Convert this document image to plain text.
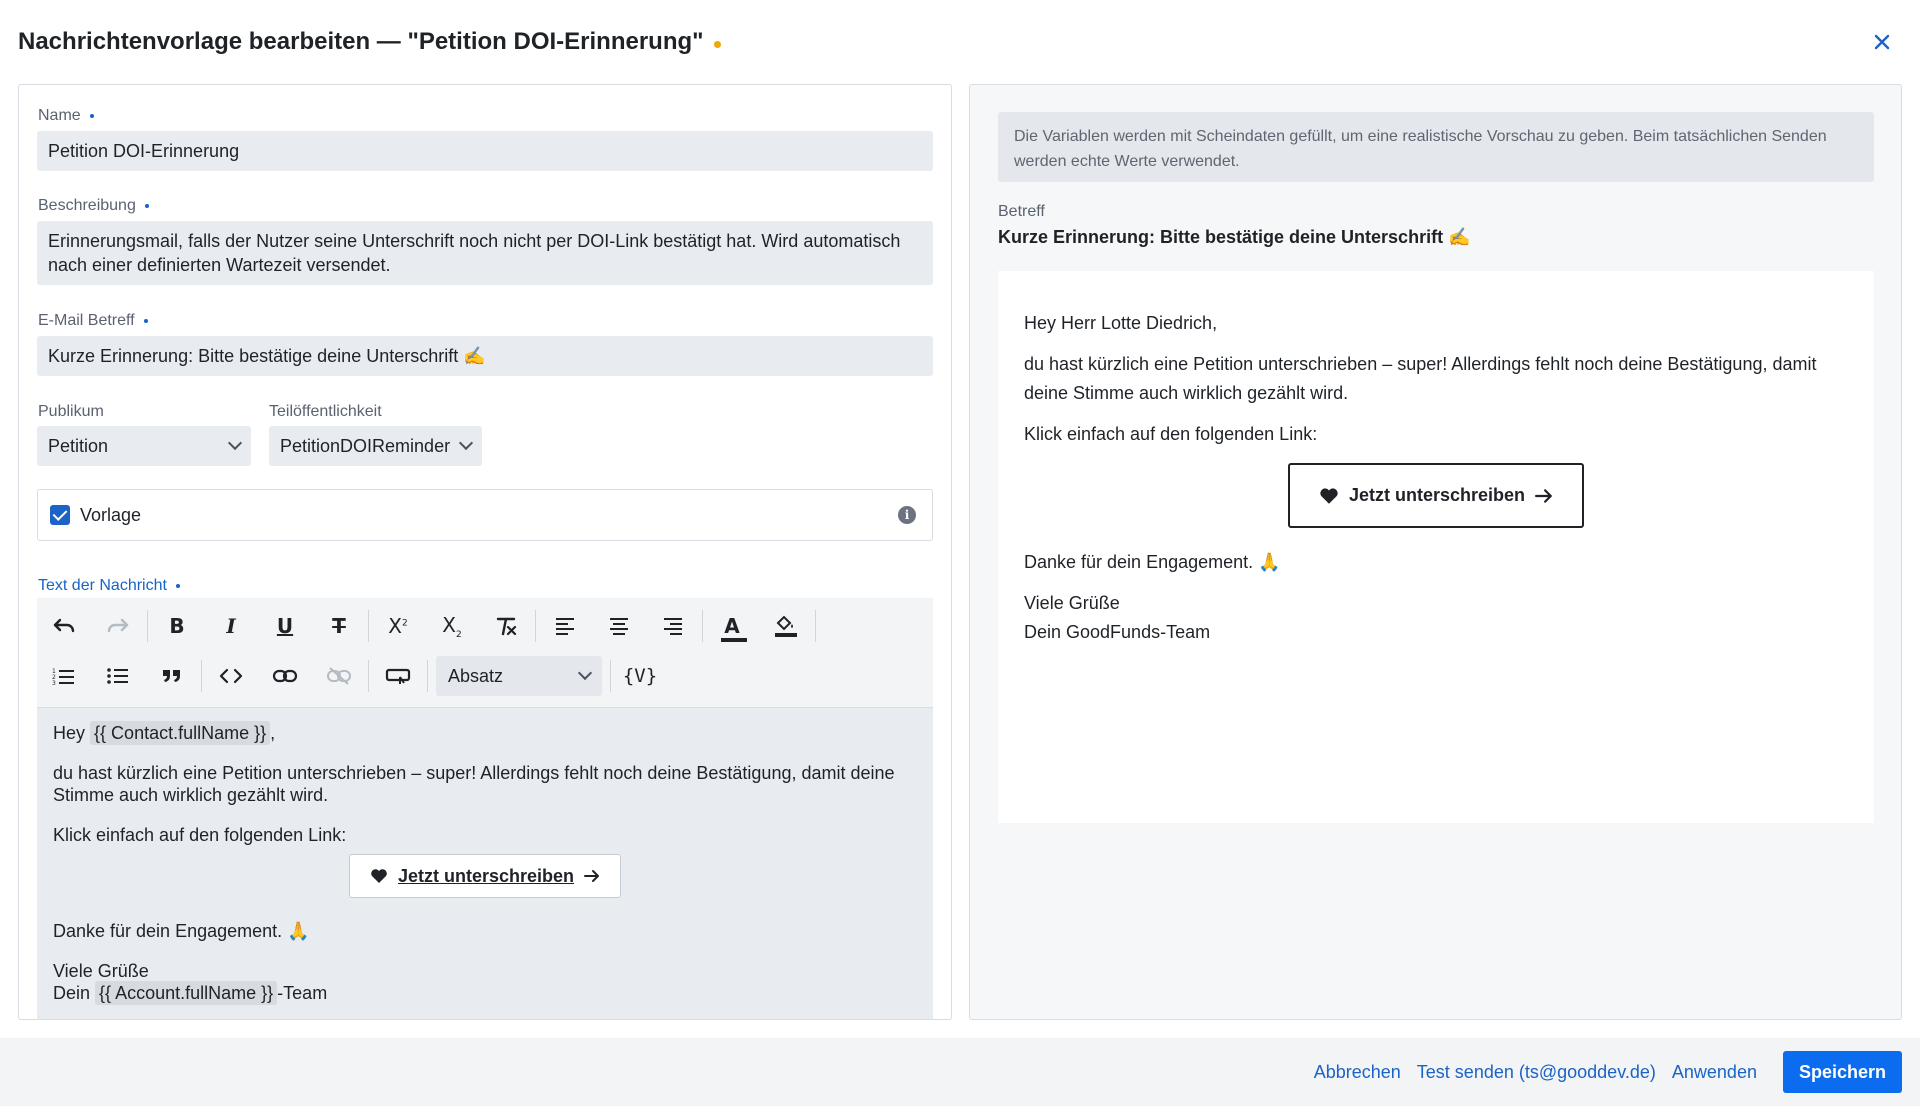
Nachrichtenvorlage bearbeiten — "Petition DOI-Erinnerung"
Name
Petition DOI-Erinnerung
Beschreibung
Erinnerungsmail, falls der Nutzer seine Unterschrift noch nicht per DOI-Link bestätigt hat. Wird automatisch nach einer definierten Wartezeit versendet.
E-Mail Betreff
Kurze Erinnerung: Bitte bestätige deine Unterschrift ✍️
Publikum
Petition
Teilöffentlichkeit
PetitionDOIReminder
Vorlage	i
Text der Nachricht
B I U T $X^2$ $X_2$	A
1
2
3	Absatz	{V}
Hey {{ Contact.fullName }} ,
du hast kürzlich eine Petition unterschrieben – super! Allerdings fehlt noch deine Bestätigung, damit deine Stimme auch wirklich gezählt wird.
Klick einfach auf den folgenden Link:
Jetzt unterschreiben
Danke für dein Engagement. 🙏
Viele Grüße
Dein {{ Account.fullName }} -Team
Die Variablen werden mit Scheindaten gefüllt, um eine realistische Vorschau zu geben. Beim tatsächlichen Senden werden echte Werte verwendet.
Betreff
Kurze Erinnerung: Bitte bestätige deine Unterschrift ✍️
Hey Herr Lotte Diedrich,
du hast kürzlich eine Petition unterschrieben – super! Allerdings fehlt noch deine Bestätigung, damit deine Stimme auch wirklich gezählt wird.
Klick einfach auf den folgenden Link:
Jetzt unterschreiben
Danke für dein Engagement. 🙏
Viele Grüße
Dein GoodFunds-Team
Abbrechen Test senden (ts@gooddev.de) Anwenden	Speichern
